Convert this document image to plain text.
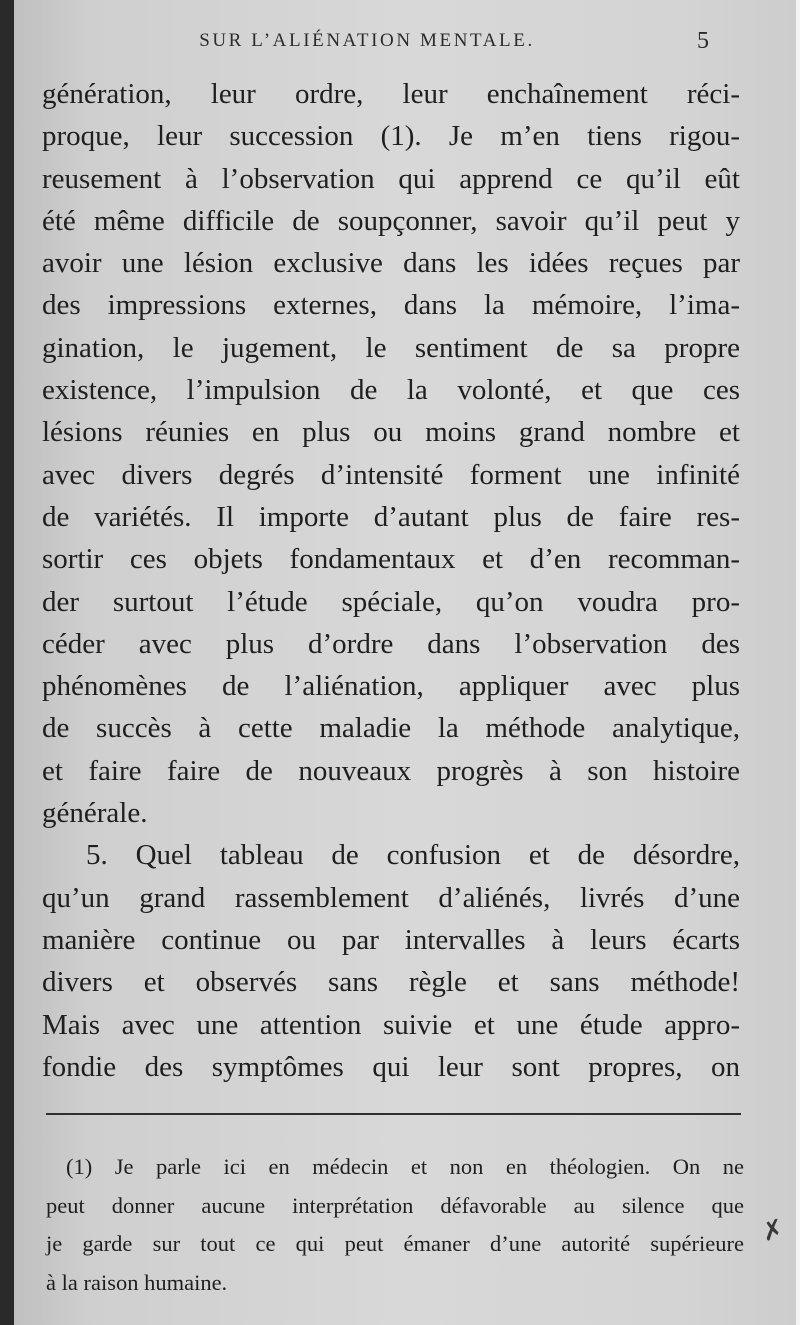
SUR L’ALIÉNATION MENTALE.	5
génération, leur ordre, leur enchaînement réci-
proque, leur succession (1). Je m’en tiens rigou-
reusement à l’observation qui apprend ce qu’il eût
été même difficile de soupçonner, savoir qu’il peut y
avoir une lésion exclusive dans les idées reçues par
des impressions externes, dans la mémoire, l’ima-
gination, le jugement, le sentiment de sa propre
existence, l’impulsion de la volonté, et que ces
lésions réunies en plus ou moins grand nombre et
avec divers degrés d’intensité forment une infinité
de variétés. Il importe d’autant plus de faire res-
sortir ces objets fondamentaux et d’en recomman-
der surtout l’étude spéciale, qu’on voudra pro-
céder avec plus d’ordre dans l’observation des
phénomènes de l’aliénation, appliquer avec plus
de succès à cette maladie la méthode analytique,
et faire faire de nouveaux progrès à son histoire
générale.
5. Quel tableau de confusion et de désordre,
qu’un grand rassemblement d’aliénés, livrés d’une
manière continue ou par intervalles à leurs écarts
divers et observés sans règle et sans méthode!
Mais avec une attention suivie et une étude appro-
fondie des symptômes qui leur sont propres, on
(1) Je parle ici en médecin et non en théologien. On ne
peut donner aucune interprétation défavorable au silence que
je garde sur tout ce qui peut émaner d’une autorité supérieure
à la raison humaine.
✗
